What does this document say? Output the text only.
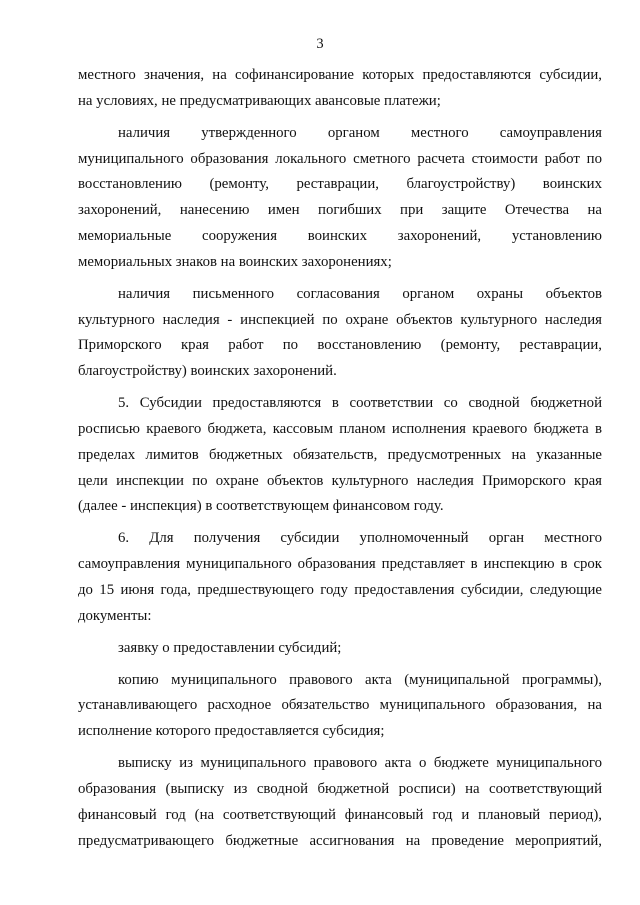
3
местного значения, на софинансирование которых предоставляются субсидии,
на условиях, не предусматривающих авансовые платежи;
наличия утвержденного органом местного самоуправления
муниципального образования локального сметного расчета стоимости работ по
восстановлению (ремонту, реставрации, благоустройству) воинских
захоронений, нанесению имен погибших при защите Отечества на
мемориальные сооружения воинских захоронений, установлению
мемориальных знаков на воинских захоронениях;
наличия письменного согласования органом охраны объектов
культурного наследия - инспекцией по охране объектов культурного наследия
Приморского края работ по восстановлению (ремонту, реставрации,
благоустройству) воинских захоронений.
5. Субсидии предоставляются в соответствии со сводной бюджетной
росписью краевого бюджета, кассовым планом исполнения краевого бюджета в
пределах лимитов бюджетных обязательств, предусмотренных на указанные
цели инспекции по охране объектов культурного наследия Приморского края
(далее - инспекция) в соответствующем финансовом году.
6. Для получения субсидии уполномоченный орган местного
самоуправления муниципального образования представляет в инспекцию в срок
до 15 июня года, предшествующего году предоставления субсидии, следующие
документы:
заявку о предоставлении субсидий;
копию муниципального правового акта (муниципальной программы),
устанавливающего расходное обязательство муниципального образования, на
исполнение которого предоставляется субсидия;
выписку из муниципального правового акта о бюджете муниципального
образования (выписку из сводной бюджетной росписи) на соответствующий
финансовый год (на соответствующий финансовый год и плановый период),
предусматривающего бюджетные ассигнования на проведение мероприятий,
